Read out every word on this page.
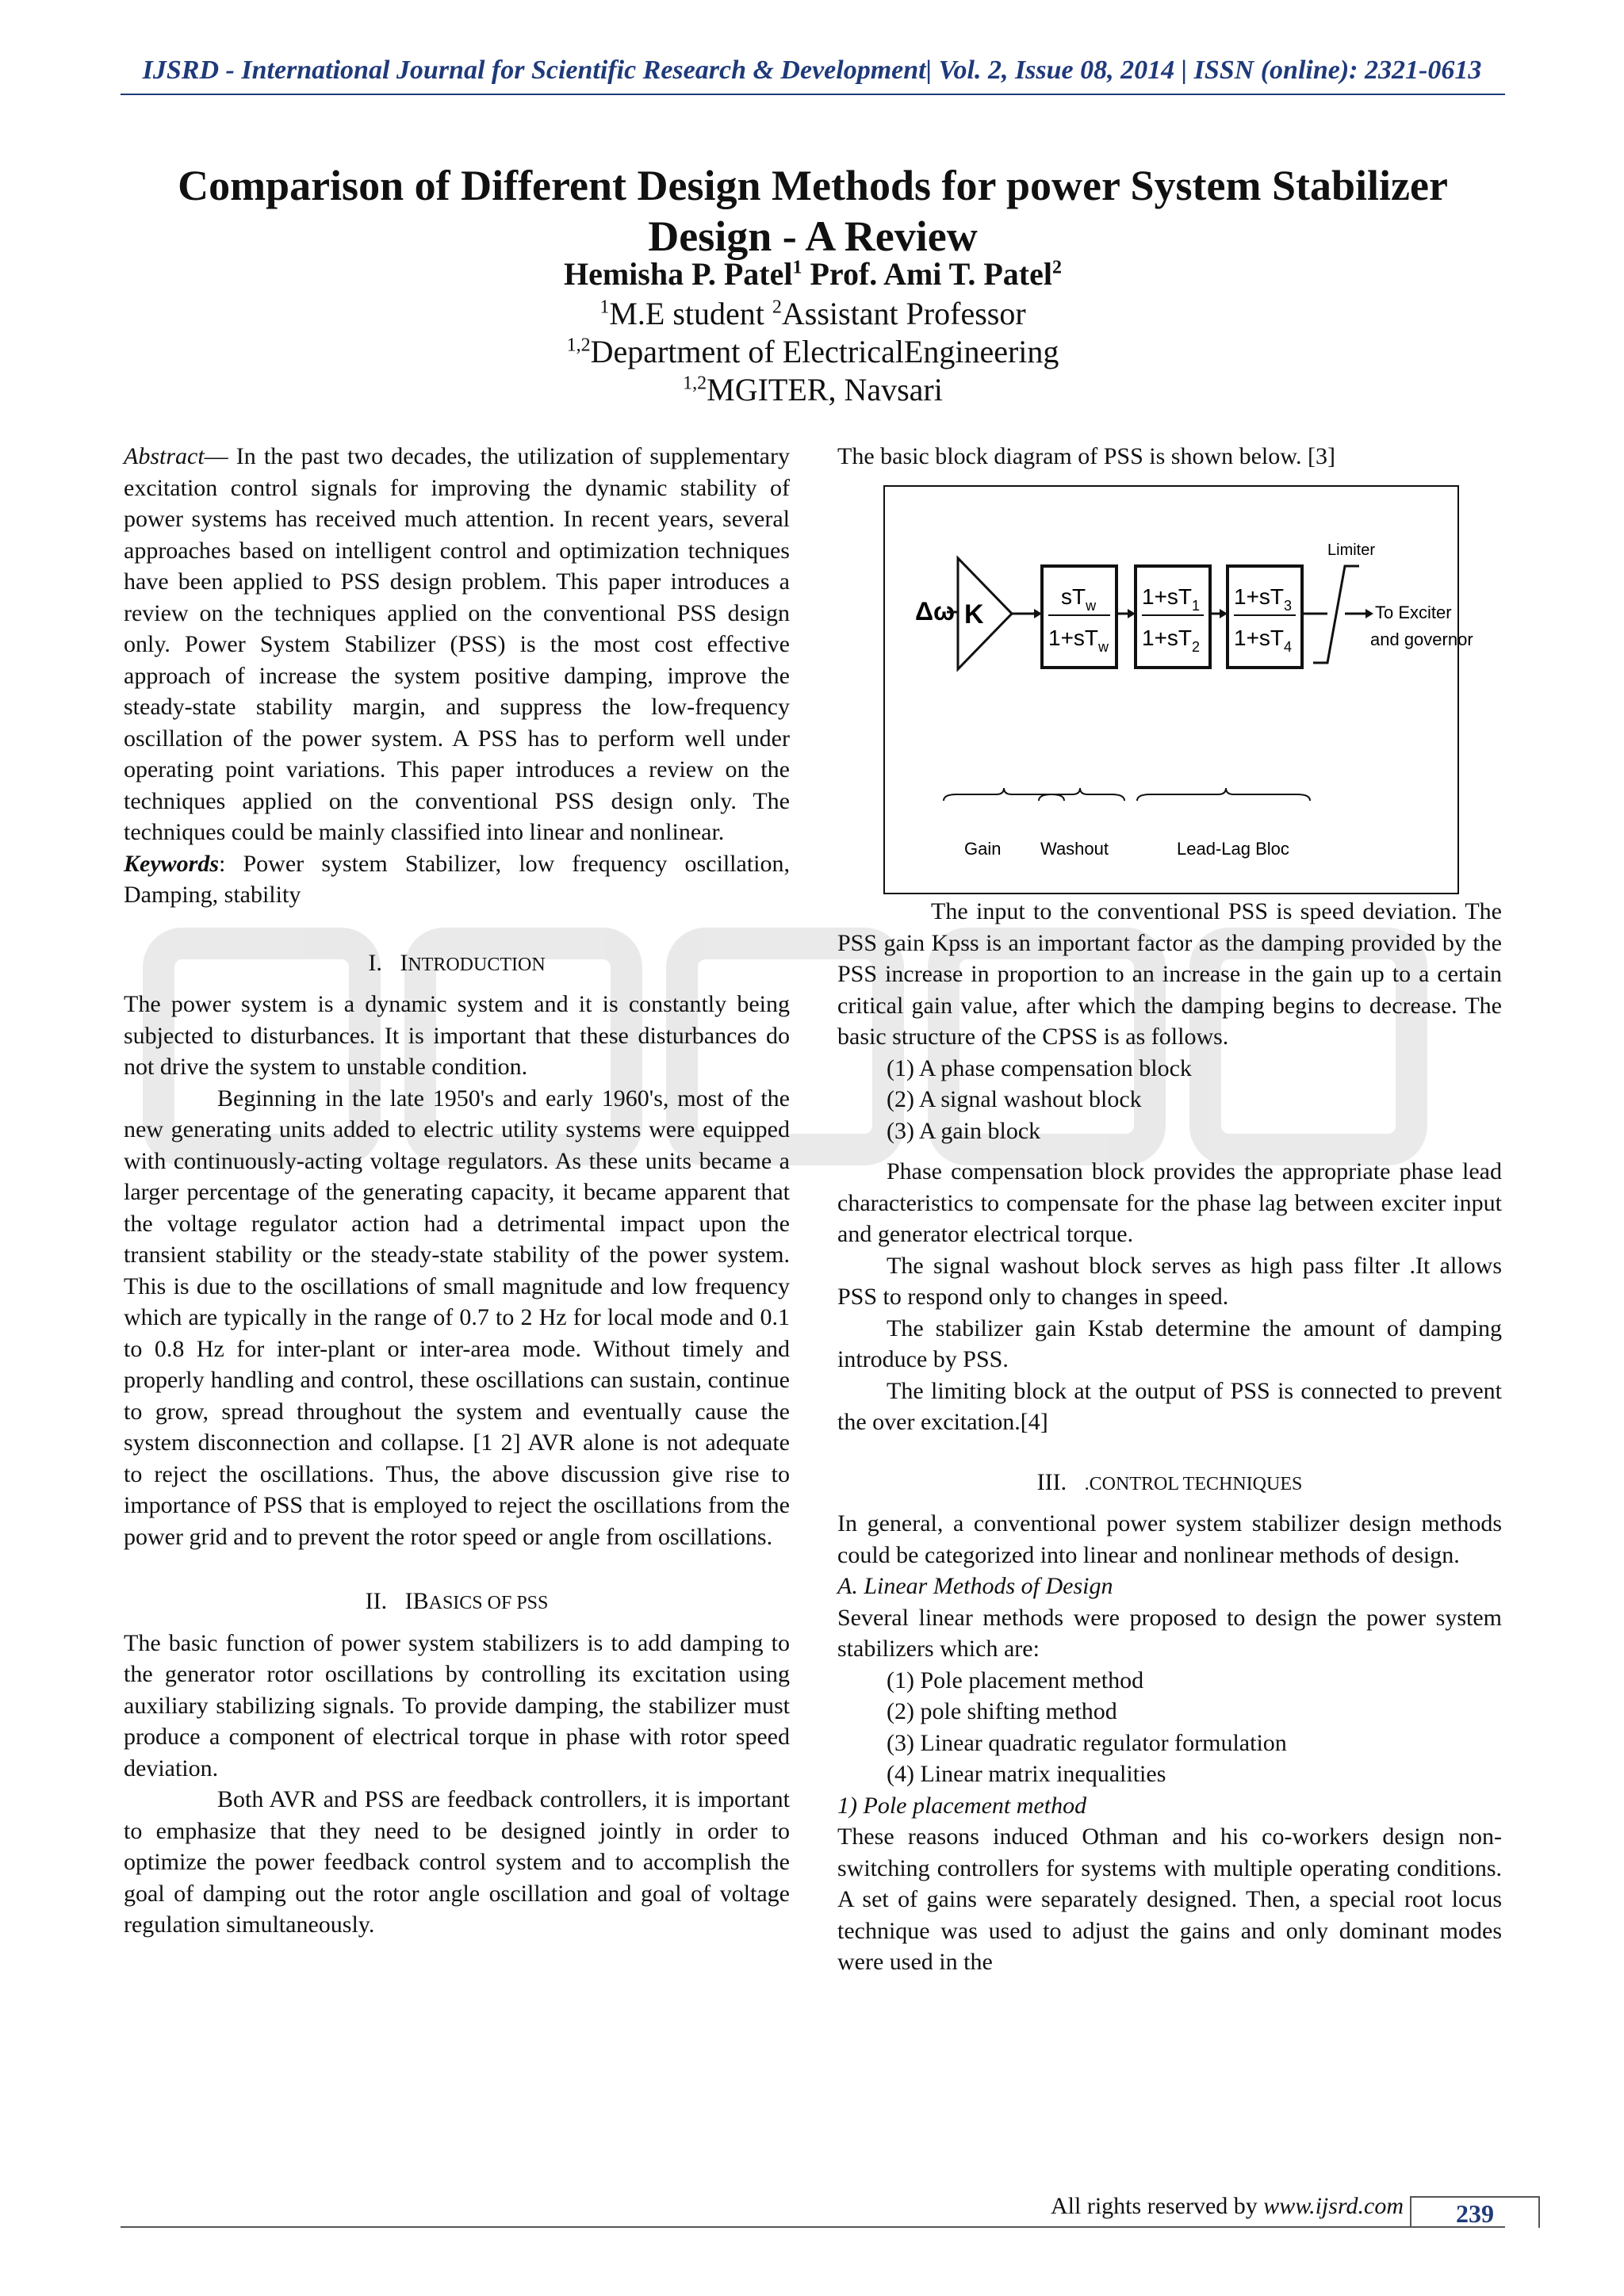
IJSRD - International Journal for Scientific Research & Development| Vol. 2, Issue 08, 2014 | ISSN (online): 2321-0613
Comparison of Different Design Methods for power System Stabilizer
Design - A Review
Hemisha P. Patel$^1$ Prof. Ami T. Patel$^2$
$^1$M.E student $^2$Assistant Professor
$^{1,2}$Department of ElectricalEngineering
$^{1,2}$MGITER, Navsari

Abstract— In the past two decades, the utilization of supplementary excitation control signals for improving the dynamic stability of power systems has received much attention. In recent years, several approaches based on intelligent control and optimization techniques have been applied to PSS design problem. This paper introduces a review on the techniques applied on the conventional PSS design only. Power System Stabilizer (PSS) is the most cost effective approach of increase the system positive damping, improve the steady-state stability margin, and suppress the low-frequency oscillation of the power system. A PSS has to perform well under operating point variations. This paper introduces a review on the techniques applied on the conventional PSS design only. The techniques could be mainly classified into linear and nonlinear.

Keywords: Power system Stabilizer, low frequency oscillation, Damping, stability

I. INTRODUCTION

The power system is a dynamic system and it is constantly being subjected to disturbances. It is important that these disturbances do not drive the system to unstable condition.

Beginning in the late 1950's and early 1960's, most of the new generating units added to electric utility systems were equipped with continuously-acting voltage regulators. As these units became a larger percentage of the generating capacity, it became apparent that the voltage regulator action had a detrimental impact upon the transient stability or the steady-state stability of the power system. This is due to the oscillations of small magnitude and low frequency which are typically in the range of 0.7 to 2 Hz for local mode and 0.1 to 0.8 Hz for inter-plant or inter-area mode. Without timely and properly handling and control, these oscillations can sustain, continue to grow, spread throughout the system and eventually cause the system disconnection and collapse. [1 2] AVR alone is not adequate to reject the oscillations. Thus, the above discussion give rise to importance of PSS that is employed to reject the oscillations from the power grid and to prevent the rotor speed or angle from oscillations.

II. IBASICS OF PSS

The basic function of power system stabilizers is to add damping to the generator rotor oscillations by controlling its excitation using auxiliary stabilizing signals. To provide damping, the stabilizer must produce a component of electrical torque in phase with rotor speed deviation.

Both AVR and PSS are feedback controllers, it is important to emphasize that they need to be designed jointly in order to optimize the power feedback control system and to accomplish the goal of damping out the rotor angle oscillation and goal of voltage regulation simultaneously.

The basic block diagram of PSS is shown below. [3]

Δω K
$sT_w$
$1+sT_w$
$1+sT_1$
$1+sT_2$
$1+sT_3$
$1+sT_4$
Limiter
To Exciter
and governor
Gain Washout	Lead-Lag Bloc

The input to the conventional PSS is speed deviation. The PSS gain Kpss is an important factor as the damping provided by the PSS increase in proportion to an increase in the gain up to a certain critical gain value, after which the damping begins to decrease. The basic structure of the CPSS is as follows.

(1) A phase compensation block
(2) A signal washout block
(3) A gain block

Phase compensation block provides the appropriate phase lead characteristics to compensate for the phase lag between exciter input and generator electrical torque.

The signal washout block serves as high pass filter .It allows PSS to respond only to changes in speed.

The stabilizer gain Kstab determine the amount of damping introduce by PSS.

The limiting block at the output of PSS is connected to prevent the over excitation.[4]

III. .CONTROL TECHNIQUES

In general, a conventional power system stabilizer design methods could be categorized into linear and nonlinear methods of design.

A. Linear Methods of Design

Several linear methods were proposed to design the power system stabilizers which are:

(1) Pole placement method
(2) pole shifting method
(3) Linear quadratic regulator formulation
(4) Linear matrix inequalities
1) Pole placement method

These reasons induced Othman and his co-workers design non-switching controllers for systems with multiple operating conditions. A set of gains were separately designed. Then, a special root locus technique was used to adjust the gains and only dominant modes were used in the

All rights reserved by www.ijsrd.com	239
